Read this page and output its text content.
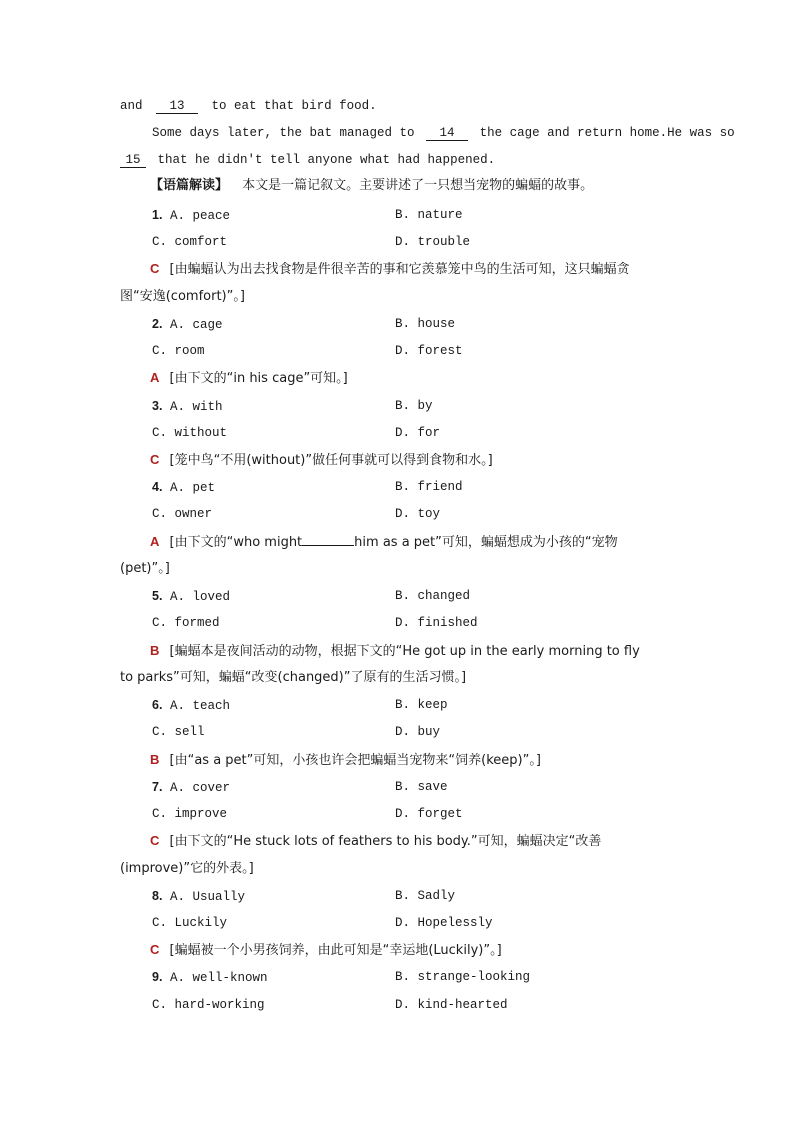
and 13 to eat that bird food.
Some days later, the bat managed to 14 the cage and return home.He was so
15 that he didn't tell anyone what had happened.
【语篇解读】 本文是一篇记叙文。主要讲述了一只想当宠物的蝙蝠的故事。
1. A. peace	B. nature
C. comfort	D. trouble
C [由蝙蝠认为出去找食物是件很辛苦的事和它羡慕笼中鸟的生活可知，这只蝙蝠贪
图“安逸(comfort)”。]
2. A. cage	B. house
C. room	D. forest
A [由下文的“in his cage”可知。]
3. A. with	B. by
C. without	D. for
C [笼中鸟“不用(without)”做任何事就可以得到食物和水。]
4. A. pet	B. friend
C. owner	D. toy
A [由下文的“who might	him as a pet”可知，蝙蝠想成为小孩的“宠物
(pet)”。]
5. A. loved	B. changed
C. formed	D. finished
B [蝙蝠本是夜间活动的动物，根据下文的“He got up in the early morning to fly
to parks”可知，蝙蝠“改变(changed)”了原有的生活习惯。]
6. A. teach	B. keep
C. sell	D. buy
B [由“as a pet”可知，小孩也许会把蝙蝠当宠物来“饲养(keep)”。]
7. A. cover	B. save
C. improve	D. forget
C [由下文的“He stuck lots of feathers to his body.”可知，蝙蝠决定“改善
(improve)”它的外表。]
8. A. Usually	B. Sadly
C. Luckily	D. Hopelessly
C [蝙蝠被一个小男孩饲养，由此可知是“幸运地(Luckily)”。]
9. A. well-known	B. strange-looking
C. hard-working	D. kind-hearted
